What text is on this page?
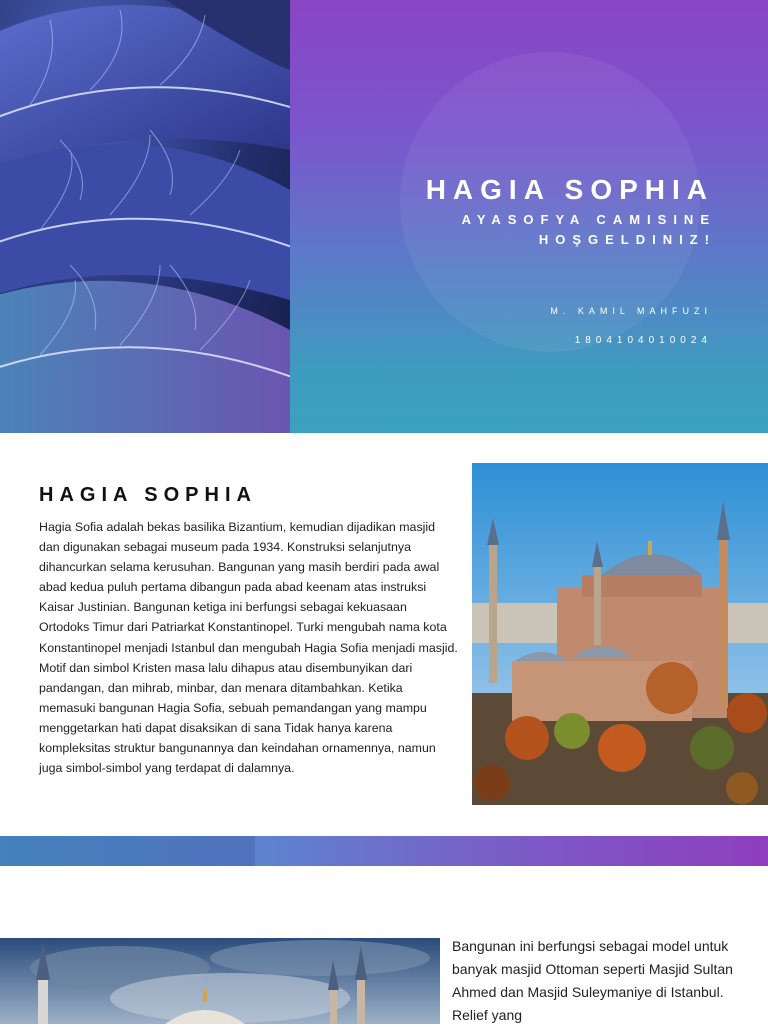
HAGIA SOPHIA
AYASOFYA CAMISINE
HOŞGELDINIZ!
M. KAMIL MAHFUZI
1804104010024
HAGIA SOPHIA

Hagia Sofia adalah bekas basilika Bizantium, kemudian dijadikan masjid dan digunakan sebagai museum pada 1934. Konstruksi selanjutnya dihancurkan selama kerusuhan. Bangunan yang masih berdiri pada awal abad kedua puluh pertama dibangun pada abad keenam atas instruksi Kaisar Justinian. Bangunan ketiga ini berfungsi sebagai kekuasaan Ortodoks Timur dari Patriarkat Konstantinopel. Turki mengubah nama kota Konstantinopel menjadi Istanbul dan mengubah Hagia Sofia menjadi masjid. Motif dan simbol Kristen masa lalu dihapus atau disembunyikan dari pandangan, dan mihrab, minbar, dan menara ditambahkan. Ketika memasuki bangunan Hagia Sofia, sebuah pemandangan yang mampu menggetarkan hati dapat disaksikan di sana Tidak hanya karena kompleksitas struktur bangunannya dan keindahan ornamennya, namun juga simbol-simbol yang terdapat di dalamnya.

Bangunan ini berfungsi sebagai model untuk banyak masjid Ottoman seperti Masjid Sultan Ahmed dan Masjid Suleymaniye di Istanbul. Relief yang
